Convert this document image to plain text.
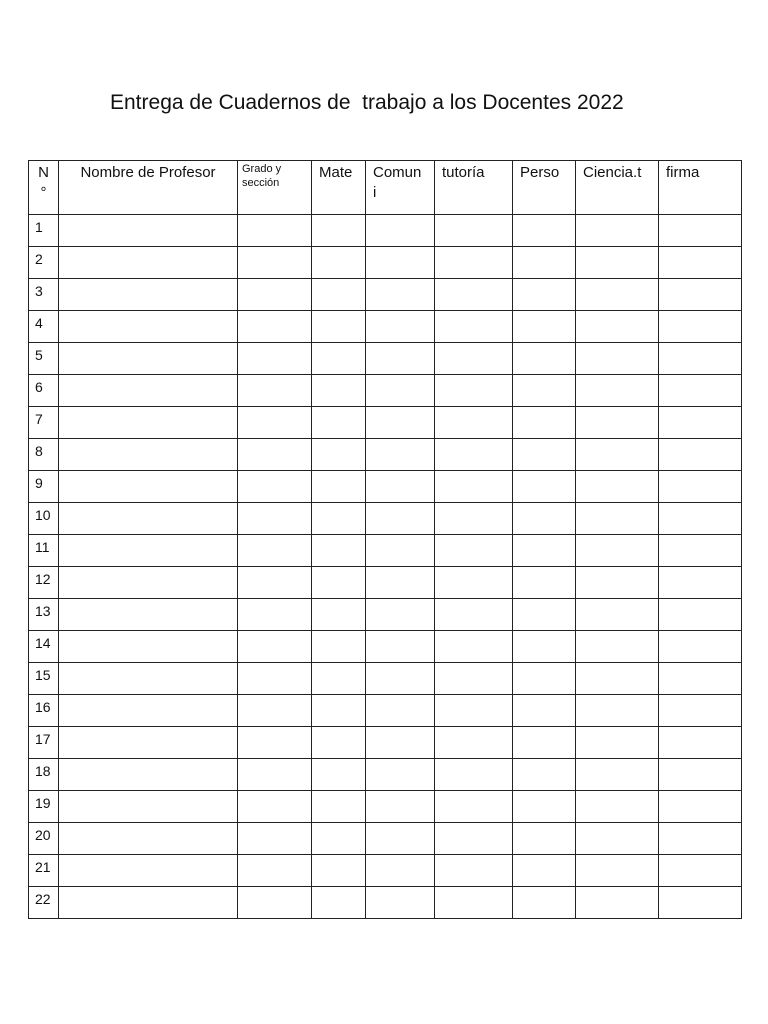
Entrega de Cuadernos de  trabajo a los Docentes 2022
N °	Nombre de Profesor	Grado y sección	Mate	Comun i	tutoría	Perso	Ciencia.t	firma
1								
2								
3								
4								
5								
6								
7								
8								
9								
10								
11								
12								
13								
14								
15								
16								
17								
18								
19								
20								
21								
22								
